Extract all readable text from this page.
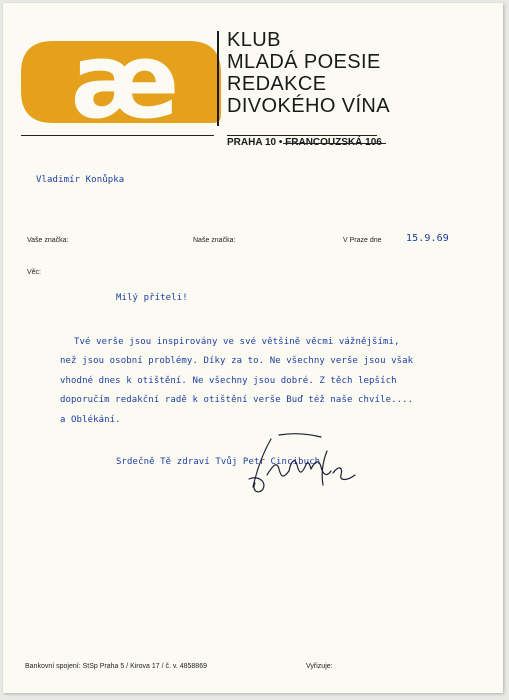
æ KLUB
MLADÁ POESIE
REDAKCE
DIVOKÉHO VÍNA
PRAHA 10 • FRANCOUZSKÁ 106
Vladimír Konůpka
Vaše značka:	Naše značka:	V Praze dne 15.9.69
Věc:
Milý příteli!
Tvé verše jsou inspirovány ve své většině věcmi vážnějšími,
než jsou osobní problémy. Díky za to. Ne všechny verše jsou však
vhodné dnes k otištění. Ne všechny jsou dobré. Z těch lepších
doporučím redakční radě k otištění verše Buď též naše chvíle....
a Oblékání.
Srdečně Tě zdraví Tvůj Petr Cincibuch
Bankovní spojení: StSp Praha 5 / Kirova 17 / č. v. 4858869	Vyřizuje:
